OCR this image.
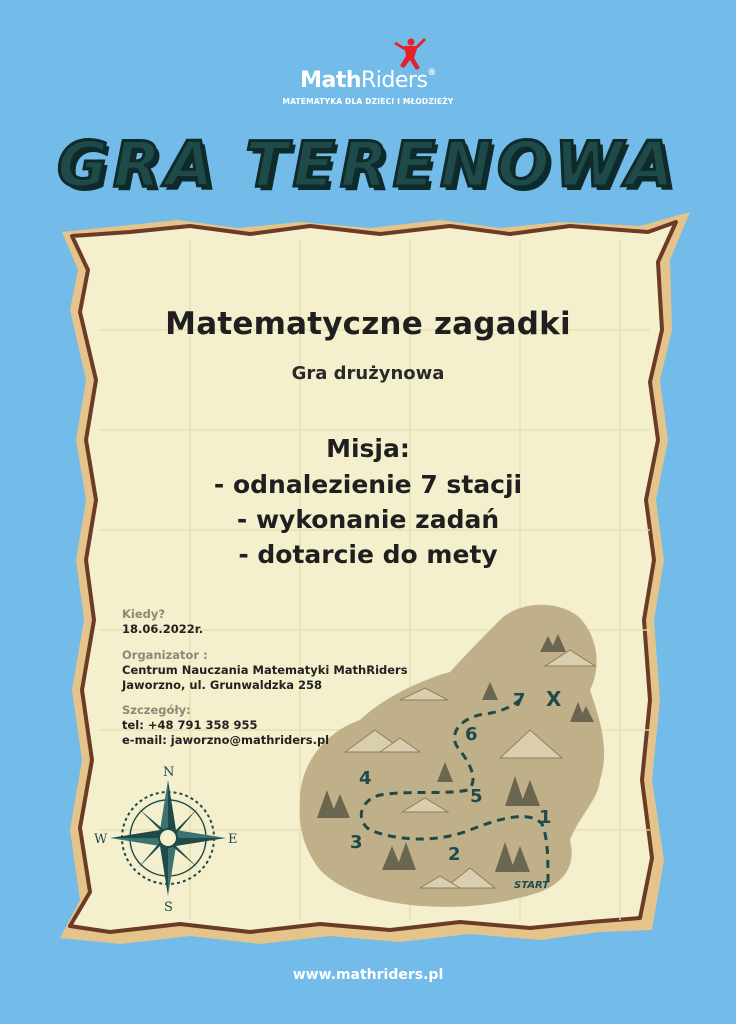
1
2
3
4
5
6
7 X
START
N
S
E
W
GRA TERENOWA
MathRiders®
MATEMATYKA DLA DZIECI I MŁODZIEŻY
Matematyczne zagadki
Gra drużynowa
Misja:
- odnalezienie 7 stacji
- wykonanie zadań
- dotarcie do mety
Kiedy?
18.06.2022r.
Organizator :
Centrum Nauczania Matematyki MathRiders
Jaworzno, ul. Grunwaldzka 258
Szczegóły:
tel: +48 791 358 955
e-mail: jaworzno@mathriders.pl
www.mathriders.pl
